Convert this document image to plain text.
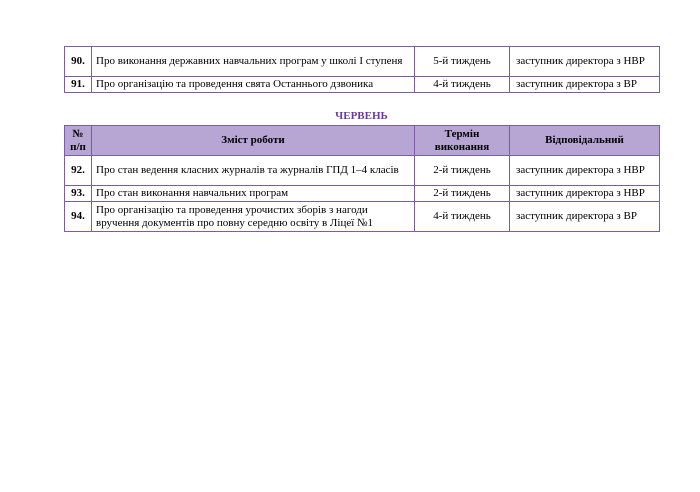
90.	Про виконання державних навчальних програм у школі І ступеня	5-й тиждень	заступник директора з НВР
91.	Про організацію та проведення свята Останнього дзвоника	4-й тиждень	заступник директора з ВР
ЧЕРВЕНЬ
№ п/п	Зміст роботи	Термін виконання	Відповідальний
92.	Про стан ведення класних журналів та журналів ГПД 1–4 класів	2-й тиждень	заступник директора з НВР
93.	Про стан виконання навчальних програм	2-й тиждень	заступник директора з НВР
94.	Про організацію та проведення урочистих зборів з нагоди вручення документів про повну середню освіту в Ліцеї №1	4-й тиждень	заступник директора з ВР
